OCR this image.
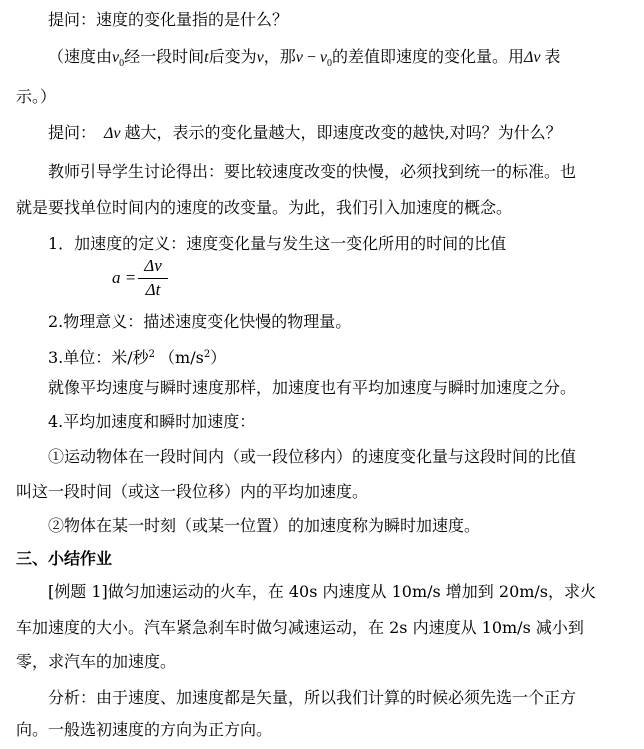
提问：速度的变化量指的是什么？
（速度由$v_0$经一段时间t后变为v，那$v - v_0$的差值即速度的变化量。用Δv 表
示。）
提问： Δv 越大，表示的变化量越大，即速度改变的越快,对吗？为什么？
教师引导学生讨论得出：要比较速度改变的快慢，必须找到统一的标准。也
就是要找单位时间内的速度的改变量。为此，我们引入加速度的概念。
1．加速度的定义：速度变化量与发生这一变化所用的时间的比值
a =
Δv
Δt
2.物理意义：描述速度变化快慢的物理量。
3.单位：米/秒$^2$ $(m/s^2)$
就像平均速度与瞬时速度那样，加速度也有平均加速度与瞬时加速度之分。
4.平均加速度和瞬时加速度：
①运动物体在一段时间内（或一段位移内）的速度变化量与这段时间的比值
叫这一段时间（或这一段位移）内的平均加速度。
②物体在某一时刻（或某一位置）的加速度称为瞬时加速度。
三、小结作业
[例题 1]做匀加速运动的火车，在 40s 内速度从 10m/s 增加到 20m/s，求火
车加速度的大小。汽车紧急刹车时做匀减速运动，在 2s 内速度从 10m/s 减小到
零，求汽车的加速度。
分析：由于速度、加速度都是矢量，所以我们计算的时候必须先选一个正方
向。一般选初速度的方向为正方向。
